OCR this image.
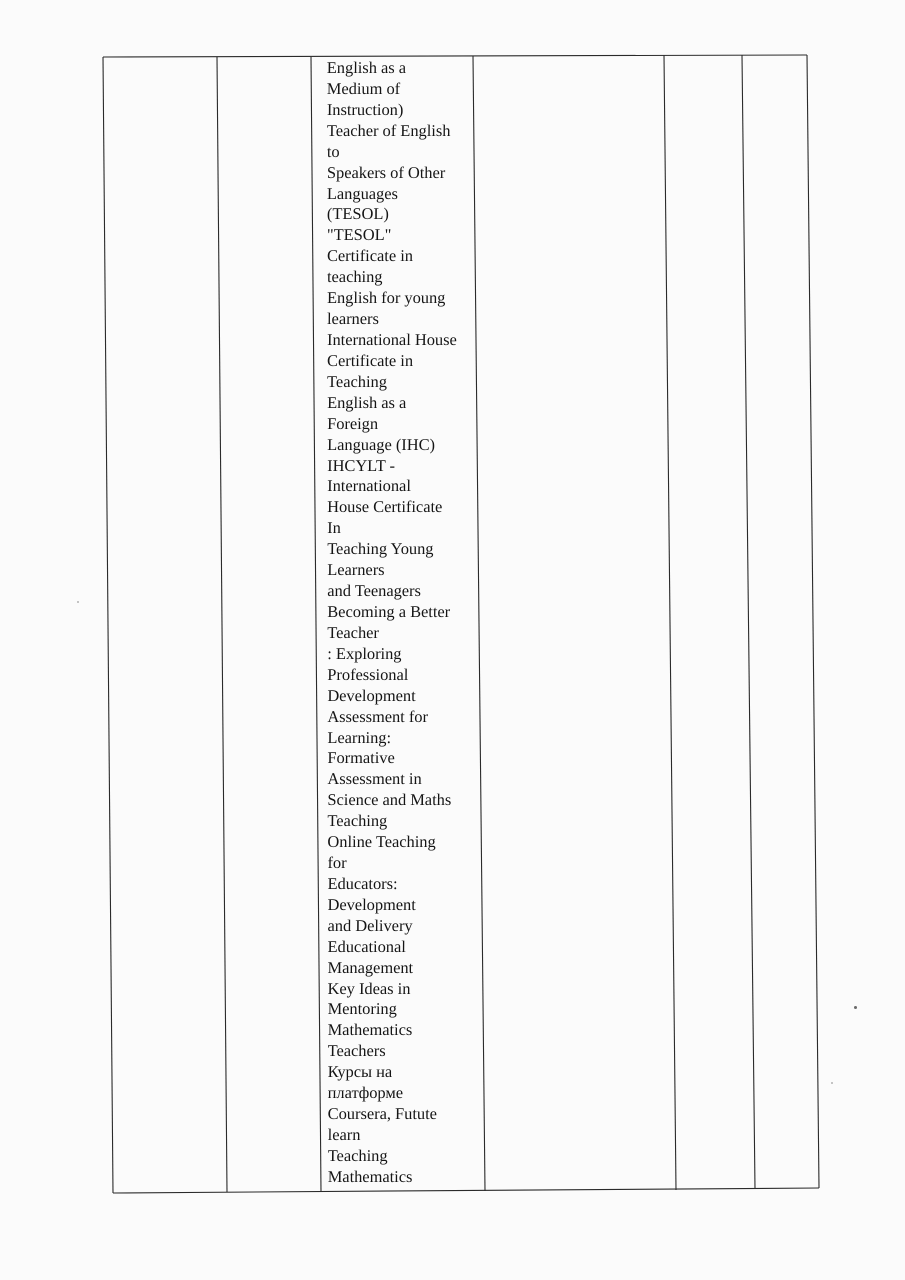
English as a
Medium of
Instruction)
Teacher of English
to
Speakers of Other
Languages
(TESOL)
"TESOL"
Certificate in
teaching
English for young
learners
International House
Certificate in
Teaching
English as a
Foreign
Language (IHC)
IHCYLT -
International
House Certificate
In
Teaching Young
Learners
and Teenagers
Becoming a Better
Teacher
: Exploring
Professional
Development
Assessment for
Learning:
Formative
Assessment in
Science and Maths
Teaching
Online Teaching
for
Educators:
Development
and Delivery
Educational
Management
Key Ideas in
Mentoring
Mathematics
Teachers
Курсы на
платформе
Coursera, Futute
learn
Teaching
Mathematics
